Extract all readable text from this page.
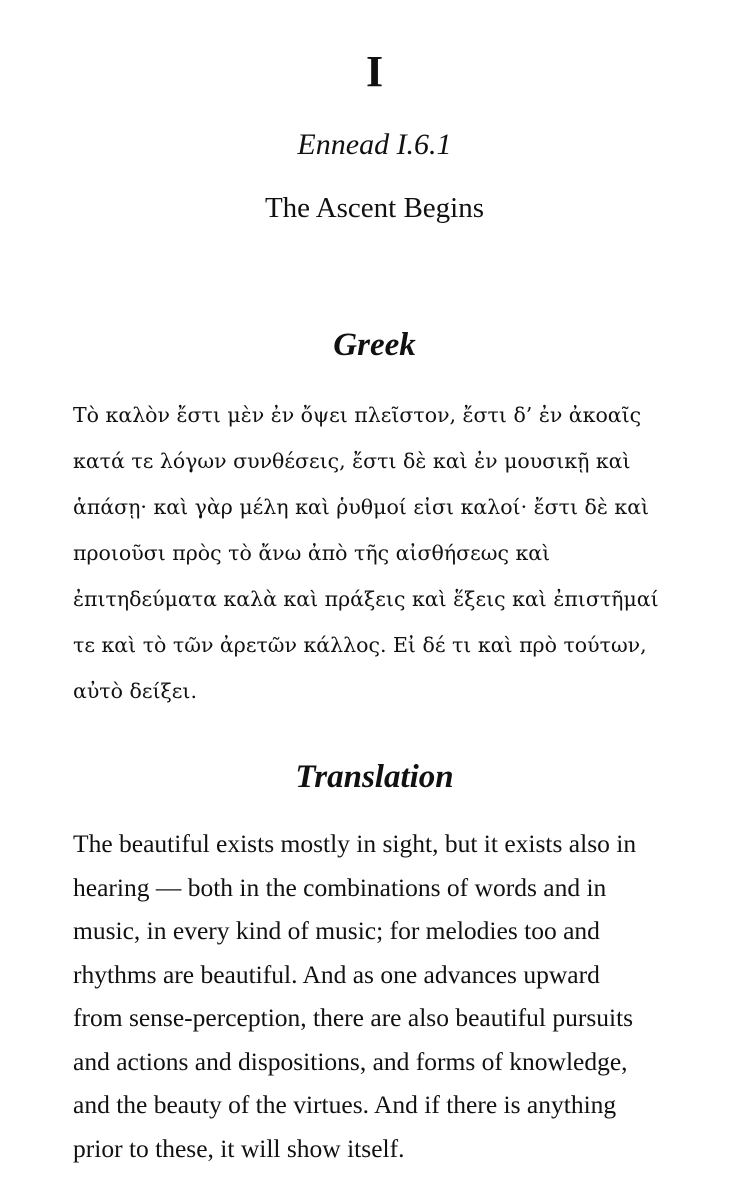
I
Ennead I.6.1
The Ascent Begins
Greek
Τὸ καλὸν ἔστι μὲν ἐν ὄψει πλεῖστον, ἔστι δ’ ἐν ἀκοαῖς
κατά τε λόγων συνθέσεις, ἔστι δὲ καὶ ἐν μουσικῇ καὶ
ἁπάσῃ· καὶ γὰρ μέλη καὶ ῥυθμοί εἰσι καλοί· ἔστι δὲ καὶ
προιοῦσι πρὸς τὸ ἄνω ἀπὸ τῆς αἰσθήσεως καὶ
ἐπιτηδεύματα καλὰ καὶ πράξεις καὶ ἕξεις καὶ ἐπιστῆμαί
τε καὶ τὸ τῶν ἀρετῶν κάλλος. Εἰ δέ τι καὶ πρὸ τούτων,
αὐτὸ δείξει.
Translation
The beautiful exists mostly in sight, but it exists also in
hearing — both in the combinations of words and in
music, in every kind of music; for melodies too and
rhythms are beautiful. And as one advances upward
from sense-perception, there are also beautiful pursuits
and actions and dispositions, and forms of knowledge,
and the beauty of the virtues. And if there is anything
prior to these, it will show itself.
